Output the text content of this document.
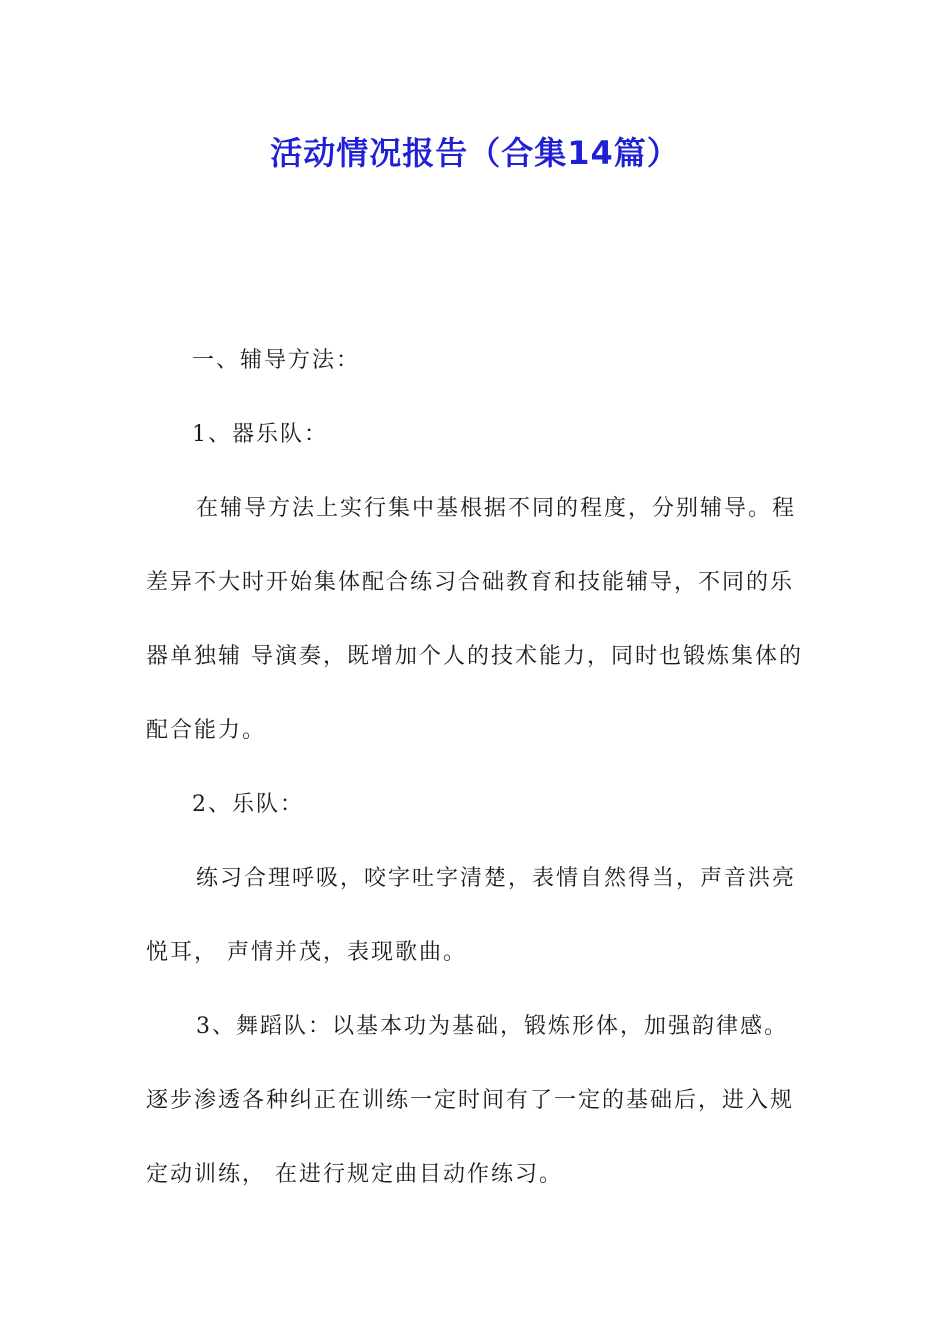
活动情况报告（合集14篇）
一、辅导方法：
1、器乐队：
在辅导方法上实行集中基根据不同的程度，分别辅导。程
差异不大时开始集体配合练习合础教育和技能辅导，不同的乐
器单独辅 导演奏，既增加个人的技术能力，同时也锻炼集体的
配合能力。
2、乐队：
练习合理呼吸，咬字吐字清楚，表情自然得当，声音洪亮
悦耳， 声情并茂，表现歌曲。
3、舞蹈队：以基本功为基础，锻炼形体，加强韵律感。
逐步渗透各种纠正在训练一定时间有了一定的基础后，进入规
定动训练， 在进行规定曲目动作练习。
